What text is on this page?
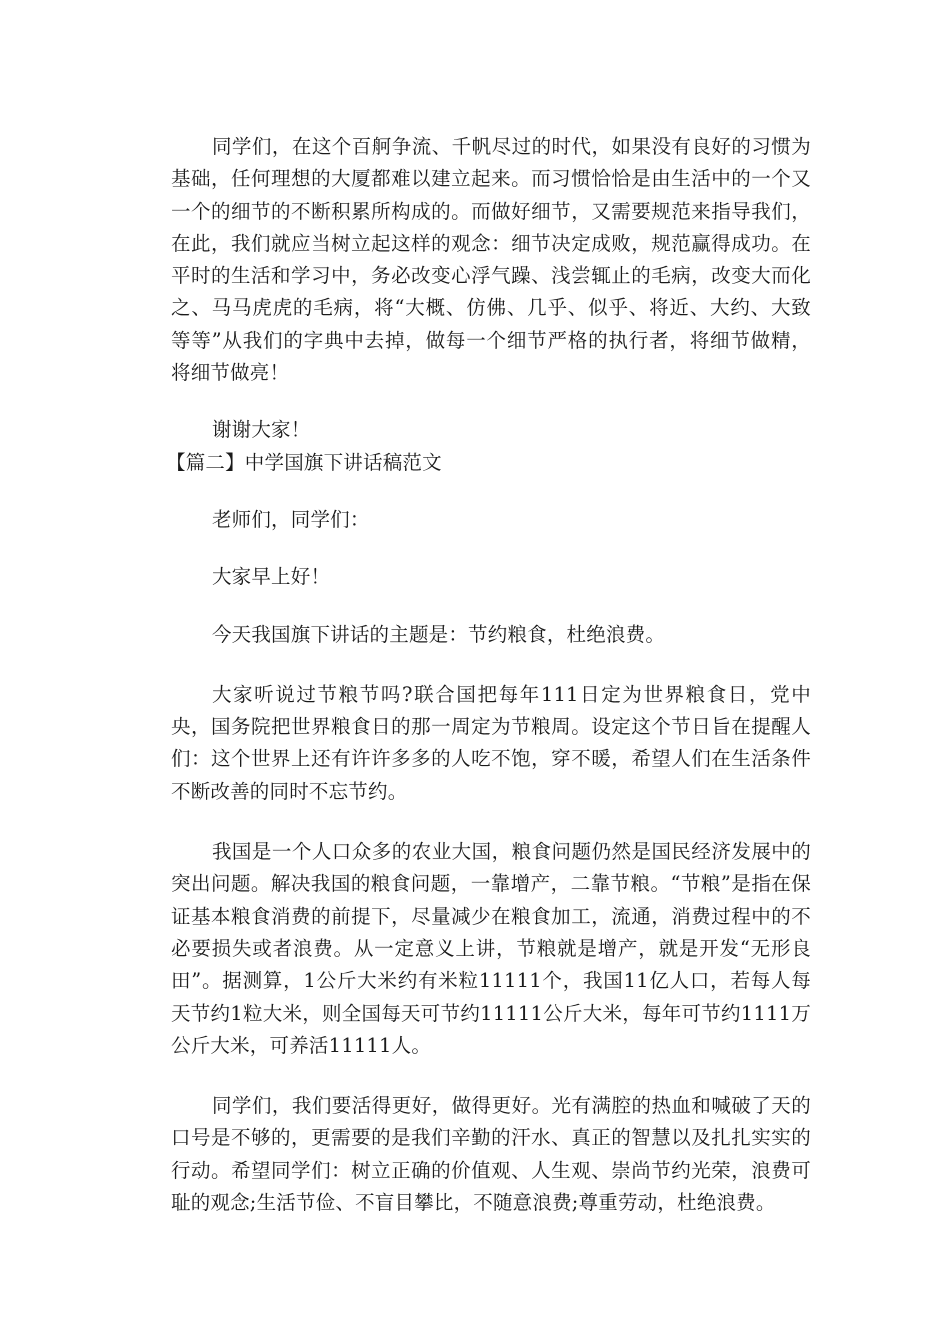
同学们，在这个百舸争流、千帆尽过的时代，如果没有良好的习惯为基础，任何理想的大厦都难以建立起来。而习惯恰恰是由生活中的一个又一个的细节的不断积累所构成的。而做好细节，又需要规范来指导我们，在此，我们就应当树立起这样的观念：细节决定成败，规范赢得成功。在平时的生活和学习中，务必改变心浮气躁、浅尝辄止的毛病，改变大而化之、马马虎虎的毛病，将“大概、仿佛、几乎、似乎、将近、大约、大致等等”从我们的字典中去掉，做每一个细节严格的执行者，将细节做精，将细节做亮！

谢谢大家！

【篇二】中学国旗下讲话稿范文

老师们，同学们：

大家早上好！

今天我国旗下讲话的主题是：节约粮食，杜绝浪费。

大家听说过节粮节吗?联合国把每年111日定为世界粮食日，党中央，国务院把世界粮食日的那一周定为节粮周。设定这个节日旨在提醒人们：这个世界上还有许许多多的人吃不饱，穿不暖，希望人们在生活条件不断改善的同时不忘节约。

我国是一个人口众多的农业大国，粮食问题仍然是国民经济发展中的突出问题。解决我国的粮食问题，一靠增产，二靠节粮。“节粮”是指在保证基本粮食消费的前提下，尽量减少在粮食加工，流通，消费过程中的不必要损失或者浪费。从一定意义上讲，节粮就是增产，就是开发“无形良田”。据测算，1公斤大米约有米粒11111个，我国11亿人口，若每人每天节约1粒大米，则全国每天可节约11111公斤大米，每年可节约1111万公斤大米，可养活11111人。

同学们，我们要活得更好，做得更好。光有满腔的热血和喊破了天的口号是不够的，更需要的是我们辛勤的汗水、真正的智慧以及扎扎实实的行动。希望同学们：树立正确的价值观、人生观、崇尚节约光荣，浪费可耻的观念;生活节俭、不盲目攀比，不随意浪费;尊重劳动，杜绝浪费。
